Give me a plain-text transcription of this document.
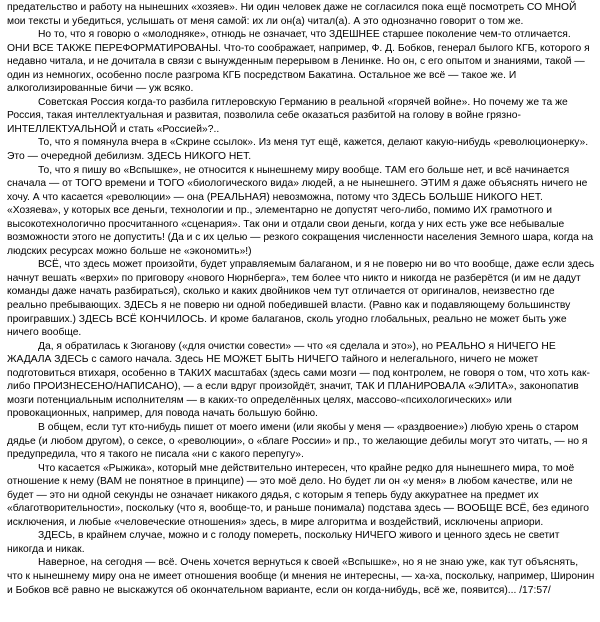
предательство и работу на нынешних «хозяев». Ни один человек даже не согласился пока ещё посмотреть СО МНОЙ мои тексты и убедиться, услышать от меня самой: их ли он(а) читал(а). А это однозначно говорит о том же.

Но то, что я говорю о «молодняке», отнюдь не означает, что ЗДЕШНЕЕ старшее поколение чем-то отличается. ОНИ ВСЕ ТАКЖЕ ПЕРЕФОРМАТИРОВАНЫ. Что-то соображает, например, Ф. Д. Бобков, генерал былого КГБ, которого я недавно читала, и не дочитала в связи с вынужденным перерывом в Ленинке. Но он, с его опытом и знаниями, такой — один из немногих, особенно после разгрома КГБ посредством Бакатина. Остальное же всё — такое же. И алкоголизированные бичи — уж всяко.

Советская Россия когда-то разбила гитлеровскую Германию в реальной «горячей войне». Но почему же та же Россия, такая интеллектуальная и развитая, позволила себе оказаться разбитой на голову в войне грязно-ИНТЕЛЛЕКТУАЛЬНОЙ и стать «Россией»?..

То, что я помянула вчера в «Скрине ссылок». Из меня тут ещё, кажется, делают какую-нибудь «революционерку». Это — очередной дебилизм. ЗДЕСЬ НИКОГО НЕТ.

То, что я пишу во «Вспышке», не относится к нынешнему миру вообще. ТАМ его больше нет, и всё начинается сначала — от ТОГО времени и ТОГО «биологического вида» людей, а не нынешнего. ЭТИМ я даже объяснять ничего не хочу. А что касается «революции» — она (РЕАЛЬНАЯ) невозможна, потому что ЗДЕСЬ БОЛЬШЕ НИКОГО НЕТ. «Хозяева», у которых все деньги, технологии и пр., элементарно не допустят чего-либо, помимо ИХ грамотного и высокотехнологично просчитанного «сценария». Так они и отдали свои деньги, когда у них есть уже все небывалые возможности этого не допустить! (Да и с их целью — резкого сокращения численности населения Земного шара, когда на людских ресурсах можно больше не «экономить»!)

ВСЁ, что здесь может произойти, будет управляемым балаганом, и я не поверю ни во что вообще, даже если здесь начнут вешать «верхи» по приговору «нового Нюрнберга», тем более что никто и никогда не разберётся (и им не дадут команды даже начать разбираться), сколько и каких двойников чем тут отличается от оригиналов, неизвестно где реально пребывающих. ЗДЕСЬ я не поверю ни одной победившей власти. (Равно как и подавляющему большинству проигравших.) ЗДЕСЬ ВСЁ КОНЧИЛОСЬ. И кроме балаганов, сколь угодно глобальных, реально не может быть уже ничего вообще.

Да, я обратилась к Зюганову («для очистки совести» — что «я сделала и это»), но РЕАЛЬНО я НИЧЕГО НЕ ЖАДАЛА ЗДЕСЬ с самого начала. Здесь НЕ МОЖЕТ БЫТЬ НИЧЕГО тайного и нелегального, ничего не может подготовиться втихаря, особенно в ТАКИХ масштабах (здесь сами мозги — под контролем, не говоря о том, что хоть как-либо ПРОИЗНЕСЕНО/НАПИСАНО), — а если вдруг произойдёт, значит, ТАК И ПЛАНИРОВАЛА «ЭЛИТА», законопатив мозги потенциальным исполнителям — в каких-то определённых целях, массово-«психологических» или провокационных, например, для повода начать большую бойню.

В общем, если тут кто-нибудь пишет от моего имени (или якобы у меня — «раздвоение») любую хрень о старом дядье (и любом другом), о сексе, о «революции», о «благе России» и пр., то желающие дебилы могут это читать, — но я предупредила, что я такого не писала «ни с какого перепугу».

Что касается «Рыжика», который мне действительно интересен, что крайне редко для нынешнего мира, то моё отношение к нему (ВАМ не понятное в принципе) — это моё дело. Но будет ли он «у меня» в любом качестве, или не будет — это ни одной секунды не означает никакого дядья, с которым я теперь буду аккуратнее на предмет их «благотворительности», поскольку (что я, вообще-то, и раньше понимала) подстава здесь — ВООБЩЕ ВСЁ, без единого исключения, и любые «человеческие отношения» здесь, в мире алгоритма и воздействий, исключены априори.

ЗДЕСЬ, в крайнем случае, можно и с голоду помереть, поскольку НИЧЕГО живого и ценного здесь не светит никогда и никак.

Наверное, на сегодня — всё. Очень хочется вернуться к своей «Вспышке», но я не знаю уже, как тут объяснять, что к нынешнему миру она не имеет отношения вообще (и мнения не интересны, — ха-ха, поскольку, например, Широнин и Бобков всё равно не выскажутся об окончательном варианте, если он когда-нибудь, всё же, появится)... /17:57/
